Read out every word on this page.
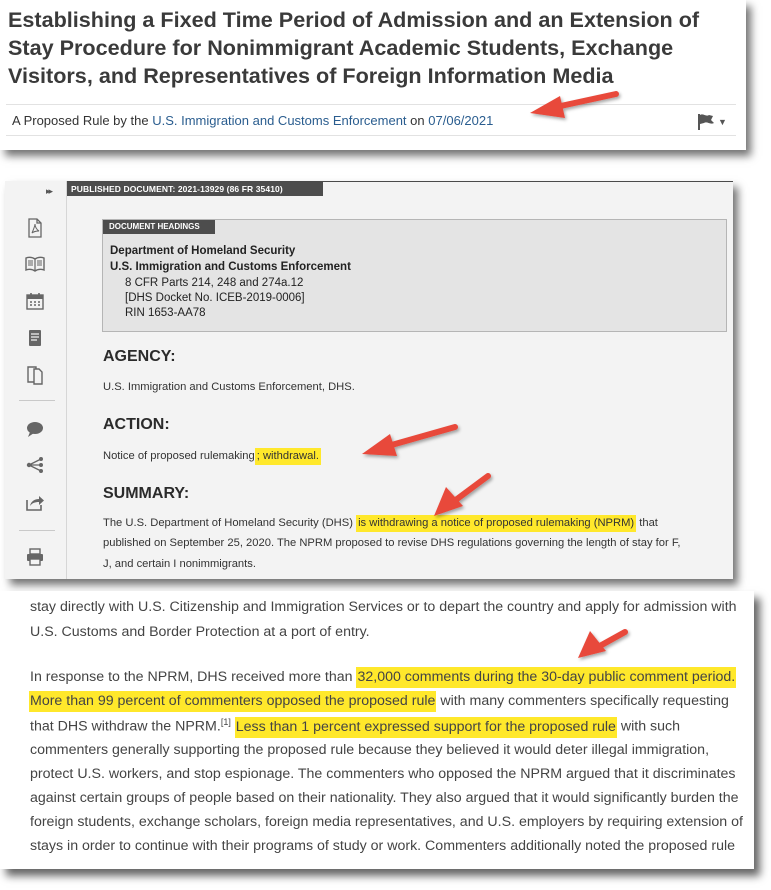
Establishing a Fixed Time Period of Admission and an Extension of Stay Procedure for Nonimmigrant Academic Students, Exchange Visitors, and Representatives of Foreign Information Media
A Proposed Rule by the U.S. Immigration and Customs Enforcement on 07/06/2021	▼
▸▸	PUBLISHED DOCUMENT: 2021-13929 (86 FR 35410)
DOCUMENT HEADINGS
Department of Homeland Security
U.S. Immigration and Customs Enforcement
8 CFR Parts 214, 248 and 274a.12
[DHS Docket No. ICEB-2019-0006]
RIN 1653-AA78
AGENCY:
U.S. Immigration and Customs Enforcement, DHS.
ACTION:
Notice of proposed rulemaking ; withdrawal.
SUMMARY:
The U.S. Department of Homeland Security (DHS) is withdrawing a notice of proposed rulemaking (NPRM) that
published on September 25, 2020. The NPRM proposed to revise DHS regulations governing the length of stay for F,
J, and certain I nonimmigrants.
stay directly with U.S. Citizenship and Immigration Services or to depart the country and apply for admission with
U.S. Customs and Border Protection at a port of entry.
In response to the NPRM, DHS received more than 32,000 comments during the 30-day public comment period.
More than 99 percent of commenters opposed the proposed rule with many commenters specifically requesting
that DHS withdraw the NPRM.[1] Less than 1 percent expressed support for the proposed rule with such
commenters generally supporting the proposed rule because they believed it would deter illegal immigration,
protect U.S. workers, and stop espionage. The commenters who opposed the NPRM argued that it discriminates
against certain groups of people based on their nationality. They also argued that it would significantly burden the
foreign students, exchange scholars, foreign media representatives, and U.S. employers by requiring extension of
stays in order to continue with their programs of study or work. Commenters additionally noted the proposed rule
